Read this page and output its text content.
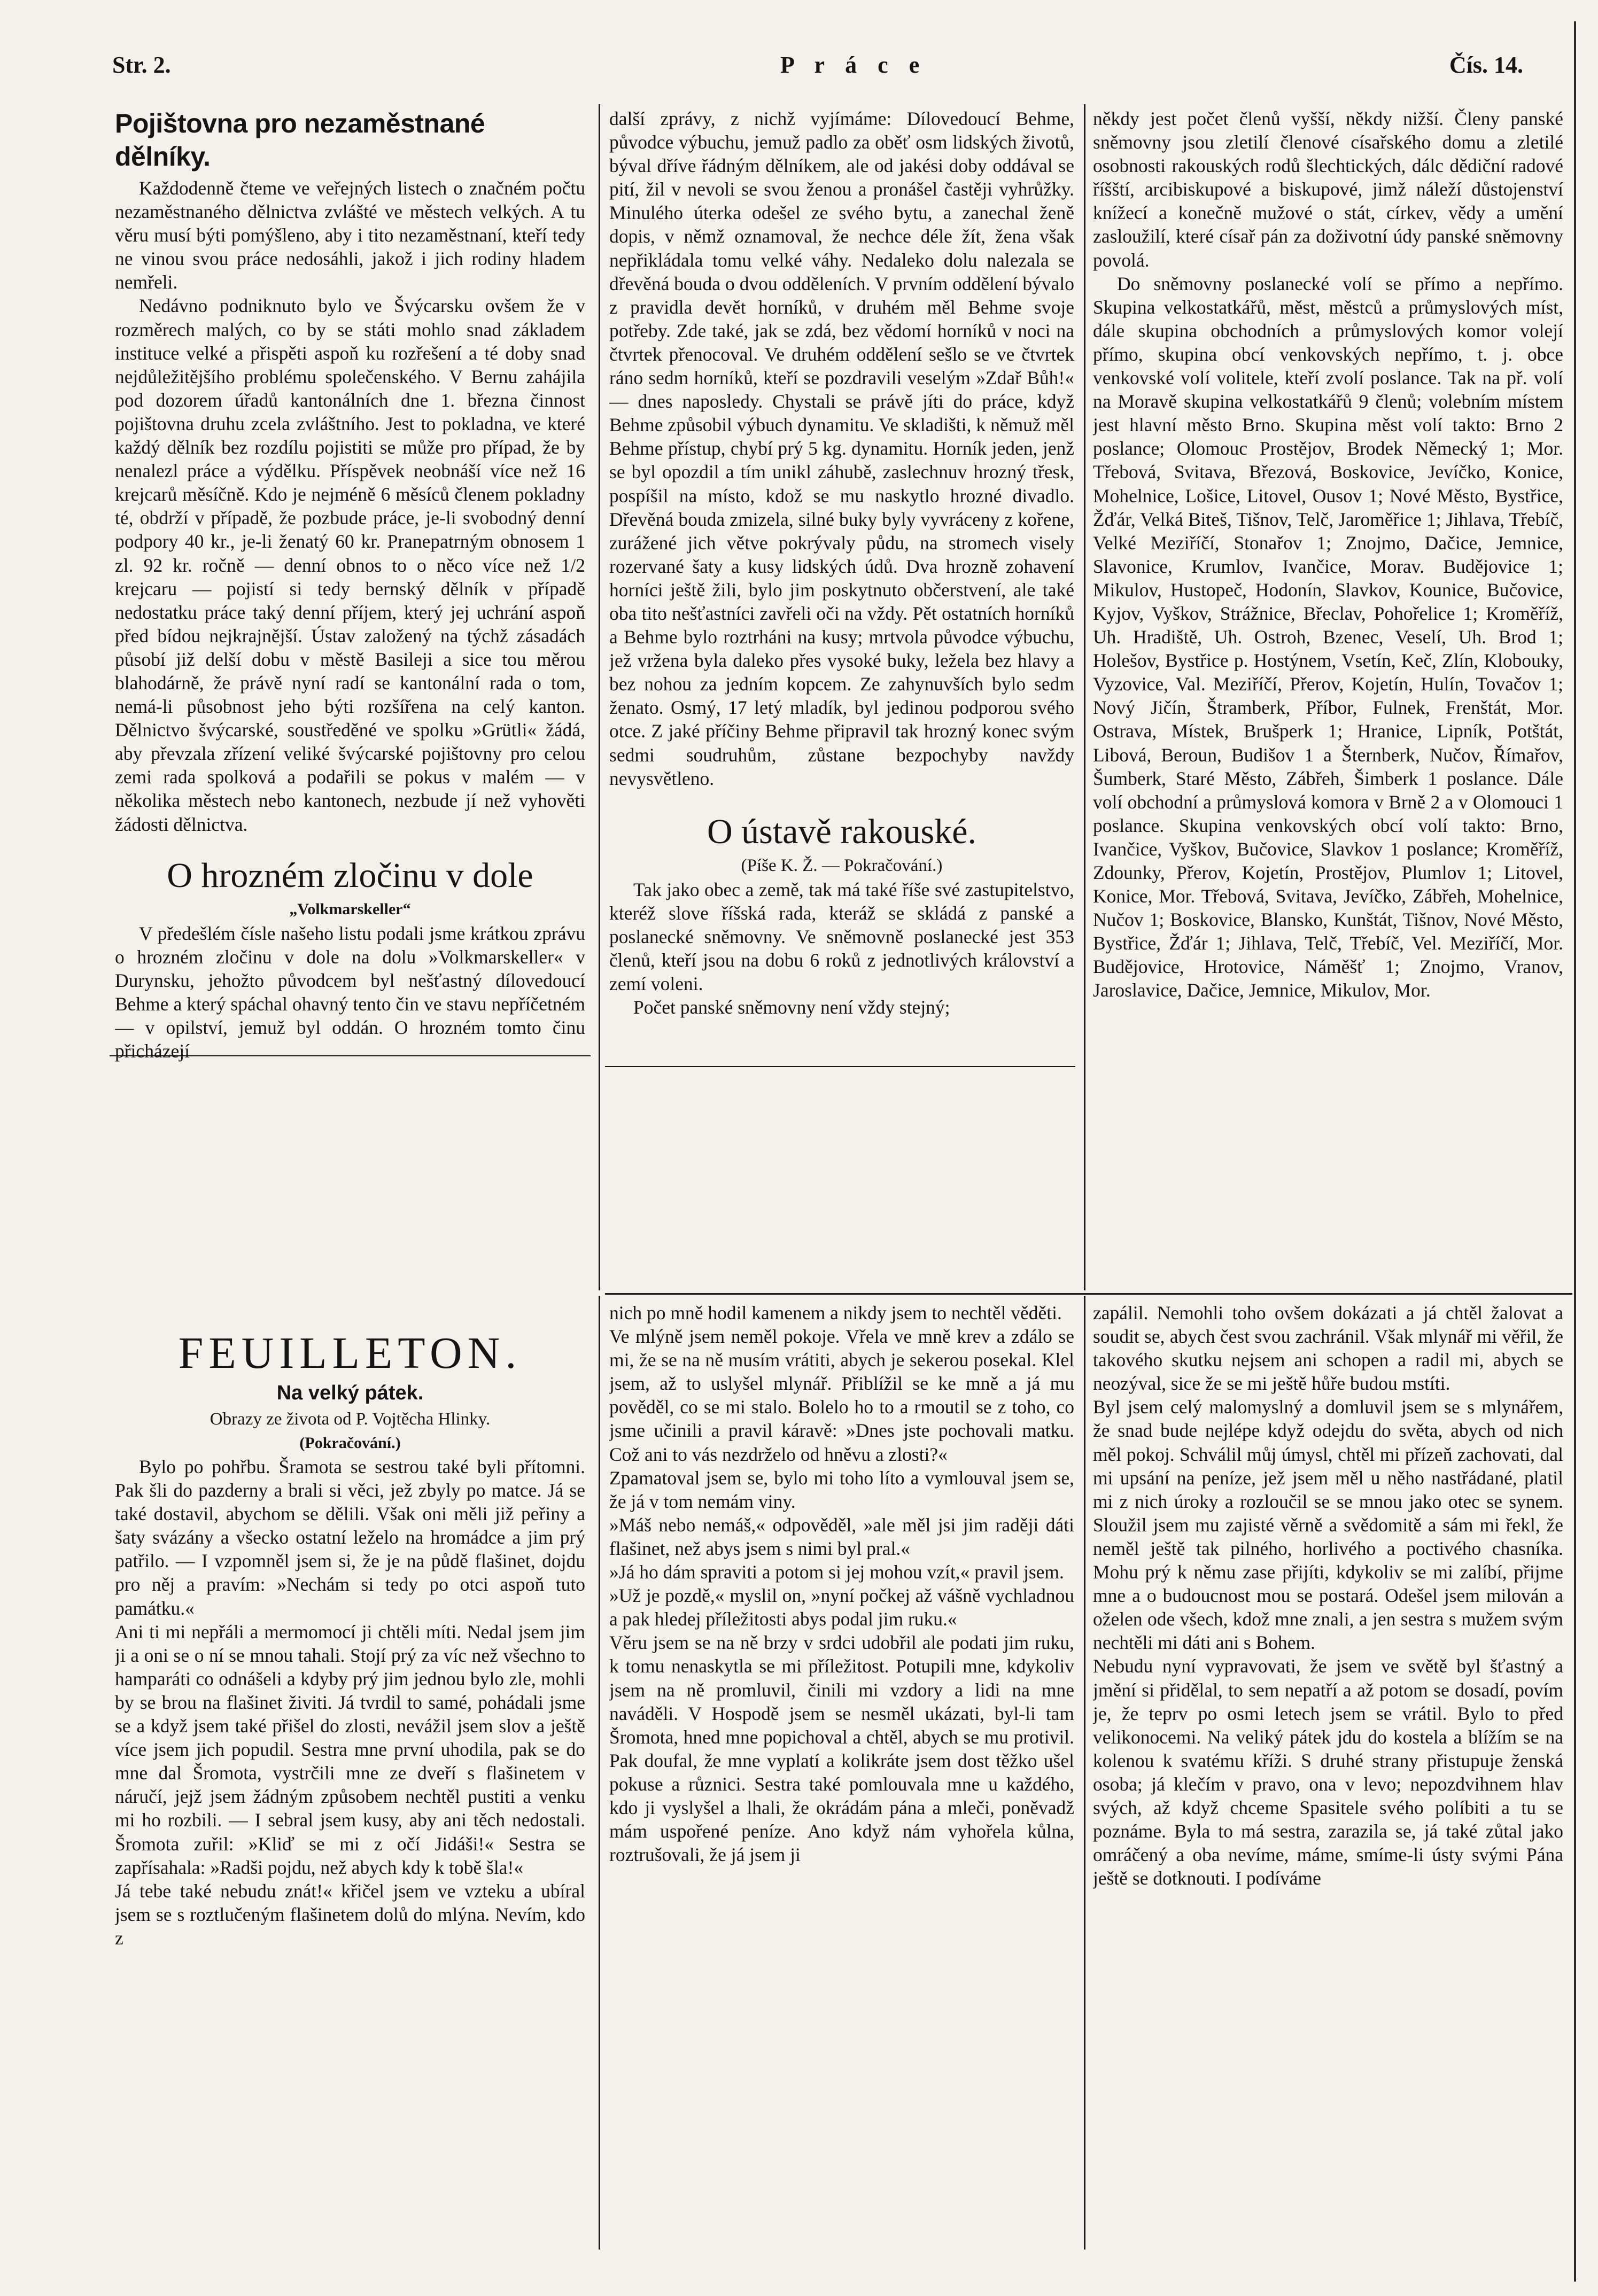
Str. 2.	P r á c e	Čís. 14.
Pojištovna pro nezaměstnané dělníky.

Každodenně čteme ve veřejných listech o značném počtu nezaměstnaného dělnictva zvlášté ve městech velkých. A tu věru musí býti pomýšleno, aby i tito nezaměstnaní, kteří tedy ne vinou svou práce nedosáhli, jakož i jich rodiny hladem nemřeli.

Nedávno podniknuto bylo ve Švýcarsku ovšem že v rozměrech malých, co by se státi mohlo snad základem instituce velké a přispěti aspoň ku rozřešení a té doby snad nejdůležitějšího problému společenského. V Bernu zahájila pod dozorem úřadů kantonálních dne 1. března činnost pojištovna druhu zcela zvláštního. Jest to pokladna, ve které každý dělník bez rozdílu pojistiti se může pro případ, že by nenalezl práce a výdělku. Příspěvek neobnáší více než 16 krejcarů měsíčně. Kdo je nejméně 6 měsíců členem pokladny té, obdrží v případě, že pozbude práce, je-li svobodný denní podpory 40 kr., je-li ženatý 60 kr. Pranepatrným obnosem 1 zl. 92 kr. ročně — denní obnos to o něco více než 1/2 krejcaru — pojistí si tedy bernský dělník v případě nedostatku práce taký denní příjem, který jej uchrání aspoň před bídou nejkrajnější. Ústav založený na týchž zásadách působí již delší dobu v městě Basileji a sice tou měrou blahodárně, že právě nyní radí se kantonální rada o tom, nemá-li působnost jeho býti rozšířena na celý kanton. Dělnictvo švýcarské, soustředěné ve spolku »Grütli« žádá, aby převzala zřízení veliké švýcarské pojištovny pro celou zemi rada spolková a podařili se pokus v malém — v několika městech nebo kantonech, nezbude jí než vyhověti žádosti dělnictva.

O hrozném zločinu v dole
„Volkmarskeller“

V předešlém čísle našeho listu podali jsme krátkou zprávu o hrozném zločinu v dole na dolu »Volkmarskeller« v Durynsku, jehožto původcem byl nešťastný dílovedoucí Behme a který spáchal ohavný tento čin ve stavu nepříčetném — v opilství, jemuž byl oddán. O hrozném tomto činu přicházejí

další zprávy, z nichž vyjímáme: Dílovedoucí Behme, původce výbuchu, jemuž padlo za oběť osm lidských životů, býval dříve řádným dělníkem, ale od jakési doby oddával se pití, žil v nevoli se svou ženou a pronášel častěji vyhrůžky. Minulého úterka odešel ze svého bytu, a zanechal ženě dopis, v němž oznamoval, že nechce déle žít, žena však nepřikládala tomu velké váhy. Nedaleko dolu nalezala se dřevěná bouda o dvou odděleních. V prvním oddělení bývalo z pravidla devět horníků, v druhém měl Behme svoje potřeby. Zde také, jak se zdá, bez vědomí horníků v noci na čtvrtek přenocoval. Ve druhém oddělení sešlo se ve čtvrtek ráno sedm horníků, kteří se pozdravili veselým »Zdař Bůh!« — dnes naposledy. Chystali se právě jíti do práce, když Behme způsobil výbuch dynamitu. Ve skladišti, k němuž měl Behme přístup, chybí prý 5 kg. dynamitu. Horník jeden, jenž se byl opozdil a tím unikl záhubě, zaslechnuv hrozný třesk, pospíšil na místo, kdož se mu naskytlo hrozné divadlo. Dřevěná bouda zmizela, silné buky byly vyvráceny z kořene, zurážené jich větve pokrývaly půdu, na stromech visely rozervané šaty a kusy lidských údů. Dva hrozně zohavení horníci ještě žili, bylo jim poskytnuto občerstvení, ale také oba tito nešťastníci zavřeli oči na vždy. Pět ostatních horníků a Behme bylo roztrháni na kusy; mrtvola původce výbuchu, jež vržena byla daleko přes vysoké buky, ležela bez hlavy a bez nohou za jedním kopcem. Ze zahynuvších bylo sedm ženato. Osmý, 17 letý mladík, byl jedinou podporou svého otce. Z jaké příčiny Behme připravil tak hrozný konec svým sedmi soudruhům, zůstane bezpochyby navždy nevysvětleno.

O ústavě rakouské.
(Píše K. Ž. — Pokračování.)

Tak jako obec a země, tak má také říše své zastupitelstvo, kteréž slove říšská rada, kteráž se skládá z panské a poslanecké sněmovny. Ve sněmovně poslanecké jest 353 členů, kteří jsou na dobu 6 roků z jednotlivých království a zemí voleni.

Počet panské sněmovny není vždy stejný;

někdy jest počet členů vyšší, někdy nižší. Členy panské sněmovny jsou zletilí členové císařského domu a zletilé osobnosti rakouských rodů šlechtických, dálc dědiční radové říšští, arcibiskupové a biskupové, jimž náleží důstojenství knížecí a konečně mužové o stát, církev, vědy a umění zasloužilí, které císař pán za doživotní údy panské sněmovny povolá.

Do sněmovny poslanecké volí se přímo a nepřímo. Skupina velkostatkářů, měst, městců a průmyslových míst, dále skupina obchodních a průmyslových komor volejí přímo, skupina obcí venkovských nepřímo, t. j. obce venkovské volí volitele, kteří zvolí poslance. Tak na př. volí na Moravě skupina velkostatkářů 9 členů; volebním místem jest hlavní město Brno. Skupina měst volí takto: Brno 2 poslance; Olomouc Prostějov, Brodek Německý 1; Mor. Třebová, Svitava, Březová, Boskovice, Jevíčko, Konice, Mohelnice, Lošice, Litovel, Ousov 1; Nové Město, Bystřice, Žďár, Velká Biteš, Tišnov, Telč, Jaroměřice 1; Jihlava, Třebíč, Velké Meziříčí, Stonařov 1; Znojmo, Dačice, Jemnice, Slavonice, Krumlov, Ivančice, Morav. Budějovice 1; Mikulov, Hustopeč, Hodonín, Slavkov, Kounice, Bučovice, Kyjov, Vyškov, Strážnice, Břeclav, Pohořelice 1; Kroměříž, Uh. Hradiště, Uh. Ostroh, Bzenec, Veselí, Uh. Brod 1; Holešov, Bystřice p. Hostýnem, Vsetín, Keč, Zlín, Klobouky, Vyzovice, Val. Meziříčí, Přerov, Kojetín, Hulín, Tovačov 1; Nový Jičín, Štramberk, Příbor, Fulnek, Frenštát, Mor. Ostrava, Místek, Brušperk 1; Hranice, Lipník, Potštát, Libová, Beroun, Budišov 1 a Šternberk, Nučov, Římařov, Šumberk, Staré Město, Zábřeh, Šimberk 1 poslance. Dále volí obchodní a průmyslová komora v Brně 2 a v Olomouci 1 poslance. Skupina venkovských obcí volí takto: Brno, Ivančice, Vyškov, Bučovice, Slavkov 1 poslance; Kroměříž, Zdounky, Přerov, Kojetín, Prostějov, Plumlov 1; Litovel, Konice, Mor. Třebová, Svitava, Jevíčko, Zábřeh, Mohelnice, Nučov 1; Boskovice, Blansko, Kunštát, Tišnov, Nové Město, Bystřice, Žďár 1; Jihlava, Telč, Třebíč, Vel. Meziříčí, Mor. Budějovice, Hrotovice, Náměšť 1; Znojmo, Vranov, Jaroslavice, Dačice, Jemnice, Mikulov, Mor.

FEUILLETON.
Na velký pátek.
Obrazy ze života od P. Vojtěcha Hlinky.
(Pokračování.)

Bylo po pohřbu. Šramota se sestrou také byli přítomni. Pak šli do pazderny a brali si věci, jež zbyly po matce. Já se také dostavil, abychom se dělili. Však oni měli již peřiny a šaty svázány a všecko ostatní leželo na hromádce a jim prý patřilo. — I vzpomněl jsem si, že je na půdě flašinet, dojdu pro něj a pravím: »Nechám si tedy po otci aspoň tuto památku.«
Ani ti mi nepřáli a mermomocí ji chtěli míti. Nedal jsem jim ji a oni se o ní se mnou tahali. Stojí prý za víc než všechno to hamparáti co odnášeli a kdyby prý jim jednou bylo zle, mohli by se brou na flašinet živiti. Já tvrdil to samé, pohádali jsme se a když jsem také přišel do zlosti, nevážil jsem slov a ještě více jsem jich popudil. Sestra mne první uhodila, pak se do mne dal Šromota, vystrčili mne ze dveří s flašinetem v náručí, jejž jsem žádným způsobem nechtěl pustiti a venku mi ho rozbili. — I sebral jsem kusy, aby ani těch nedostali. Šromota zuřil: »Kliď se mi z očí Jidáši!« Sestra se zapřísahala: »Radši pojdu, než abych kdy k tobě šla!«
Já tebe také nebudu znát!« křičel jsem ve vzteku a ubíral jsem se s roztlučeným flašinetem dolů do mlýna. Nevím, kdo z

nich po mně hodil kamenem a nikdy jsem to nechtěl věděti.
Ve mlýně jsem neměl pokoje. Vřela ve mně krev a zdálo se mi, že se na ně musím vrátiti, abych je sekerou posekal. Klel jsem, až to uslyšel mlynář. Přiblížil se ke mně a já mu pověděl, co se mi stalo. Bolelo ho to a rmoutil se z toho, co jsme učinili a pravil káravě: »Dnes jste pochovali matku. Což ani to vás nezdrželo od hněvu a zlosti?«
Zpamatoval jsem se, bylo mi toho líto a vymlouval jsem se, že já v tom nemám viny.
»Máš nebo nemáš,« odpověděl, »ale měl jsi jim raději dáti flašinet, než abys jsem s nimi byl pral.«
»Já ho dám spraviti a potom si jej mohou vzít,« pravil jsem.
»Už je pozdě,« myslil on, »nyní počkej až vášně vychladnou a pak hledej příležitosti abys podal jim ruku.«
Věru jsem se na ně brzy v srdci udobřil ale podati jim ruku, k tomu nenaskytla se mi příležitost. Potupili mne, kdykoliv jsem na ně promluvil, činili mi vzdory a lidi na mne naváděli. V Hospodě jsem se nesměl ukázati, byl-li tam Šromota, hned mne popichoval a chtěl, abych se mu protivil. Pak doufal, že mne vyplatí a kolikráte jsem dost těžko ušel pokuse a různici. Sestra také pomlouvala mne u každého, kdo ji vyslyšel a lhali, že okrádám pána a mleči, poněvadž mám uspořené peníze. Ano když nám vyhořela kůlna, roztrušovali, že já jsem ji

zapálil. Nemohli toho ovšem dokázati a já chtěl žalovat a soudit se, abych čest svou zachránil. Však mlynář mi věřil, že takového skutku nejsem ani schopen a radil mi, abych se neozýval, sice že se mi ještě hůře budou mstíti.
Byl jsem celý malomyslný a domluvil jsem se s mlynářem, že snad bude nejlépe když odejdu do světa, abych od nich měl pokoj. Schválil můj úmysl, chtěl mi přízeň zachovati, dal mi upsání na peníze, jež jsem měl u něho nastřádané, platil mi z nich úroky a rozloučil se se mnou jako otec se synem. Sloužil jsem mu zajisté věrně a svědomitě a sám mi řekl, že neměl ještě tak pilného, horlivého a poctivého chasníka. Mohu prý k němu zase přijíti, kdykoliv se mi zalíbí, přijme mne a o budoucnost mou se postará. Odešel jsem milován a oželen ode všech, kdož mne znali, a jen sestra s mužem svým nechtěli mi dáti ani s Bohem.
Nebudu nyní vypravovati, že jsem ve světě byl šťastný a jmění si přidělal, to sem nepatří a až potom se dosadí, povím je, že teprv po osmi letech jsem se vrátil. Bylo to před velikonocemi. Na veliký pátek jdu do kostela a blížím se na kolenou k svatému kříži. S druhé strany přistupuje ženská osoba; já klečím v pravo, ona v levo; nepozdvihnem hlav svých, až když chceme Spasitele svého políbiti a tu se poznáme. Byla to má sestra, zarazila se, já také zůtal jako omráčený a oba nevíme, máme, smíme-li ústy svými Pána ještě se dotknouti. I podíváme
